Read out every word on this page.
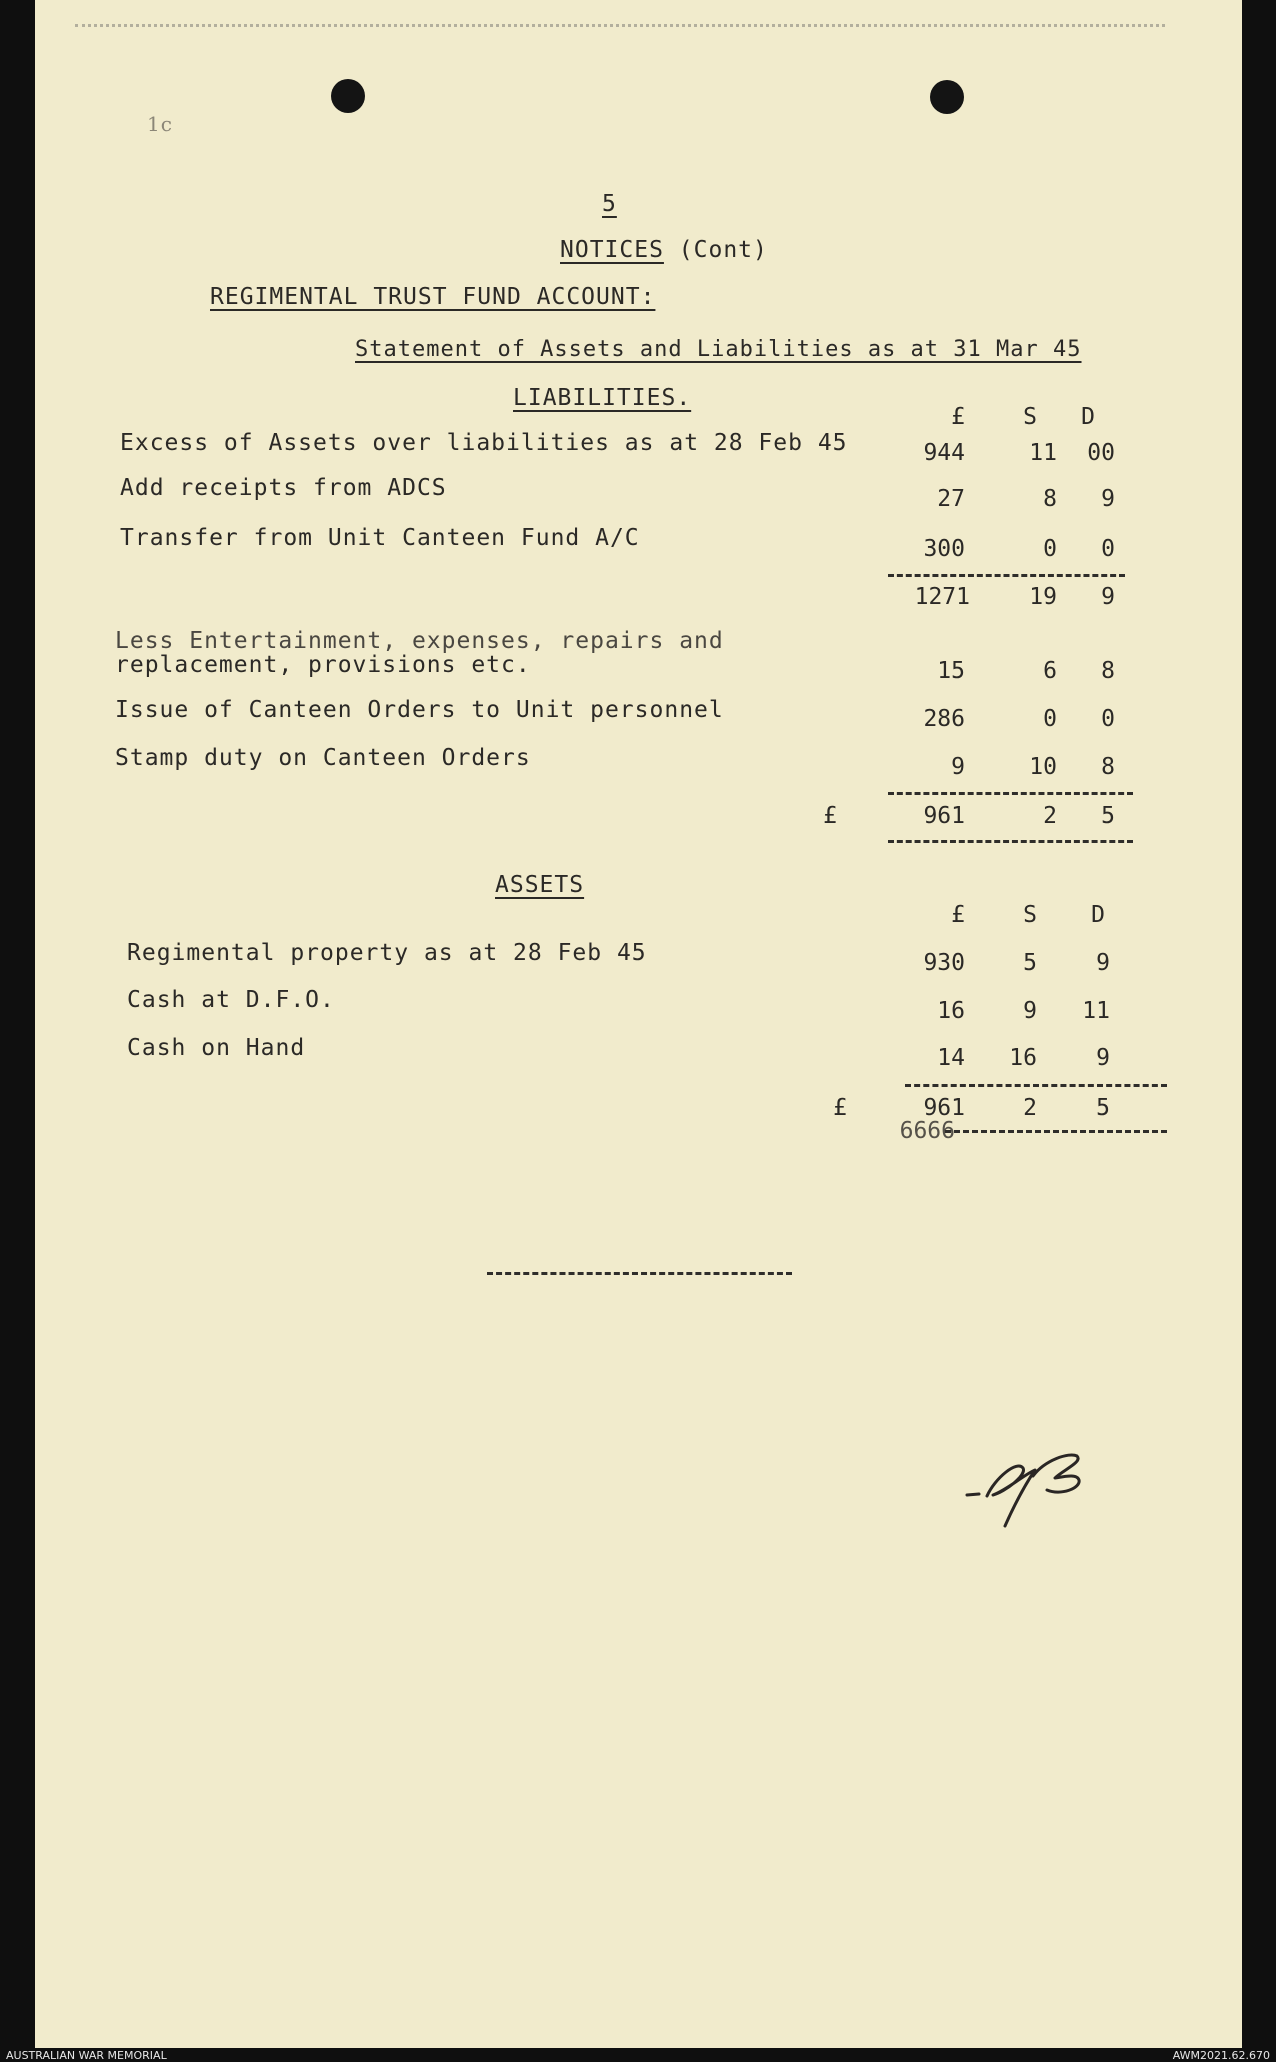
1c
5
NOTICES (Cont)
REGIMENTAL TRUST FUND ACCOUNT:
Statement of Assets and Liabilities as at 31 Mar 45
LIABILITIES.
£	S	D
Excess of Assets over liabilities as at 28 Feb 45	944	11	00
Add receipts from ADCS	27	8	9
Transfer from Unit Canteen Fund A/C	300	0	0
1271	19	9
Less Entertainment, expenses, repairs and
replacement, provisions etc.	15	6	8
Issue of Canteen Orders to Unit personnel	286	0	0
Stamp duty on Canteen Orders	9	10	8
£	961	2	5
ASSETS
£	S	D
Regimental property as at 28 Feb 45	930	5	9
Cash at D.F.O.	16	9	11
Cash on Hand	14	16	9
£	961	2	5
6666
AUSTRALIAN WAR MEMORIAL	AWM2021.62.670
